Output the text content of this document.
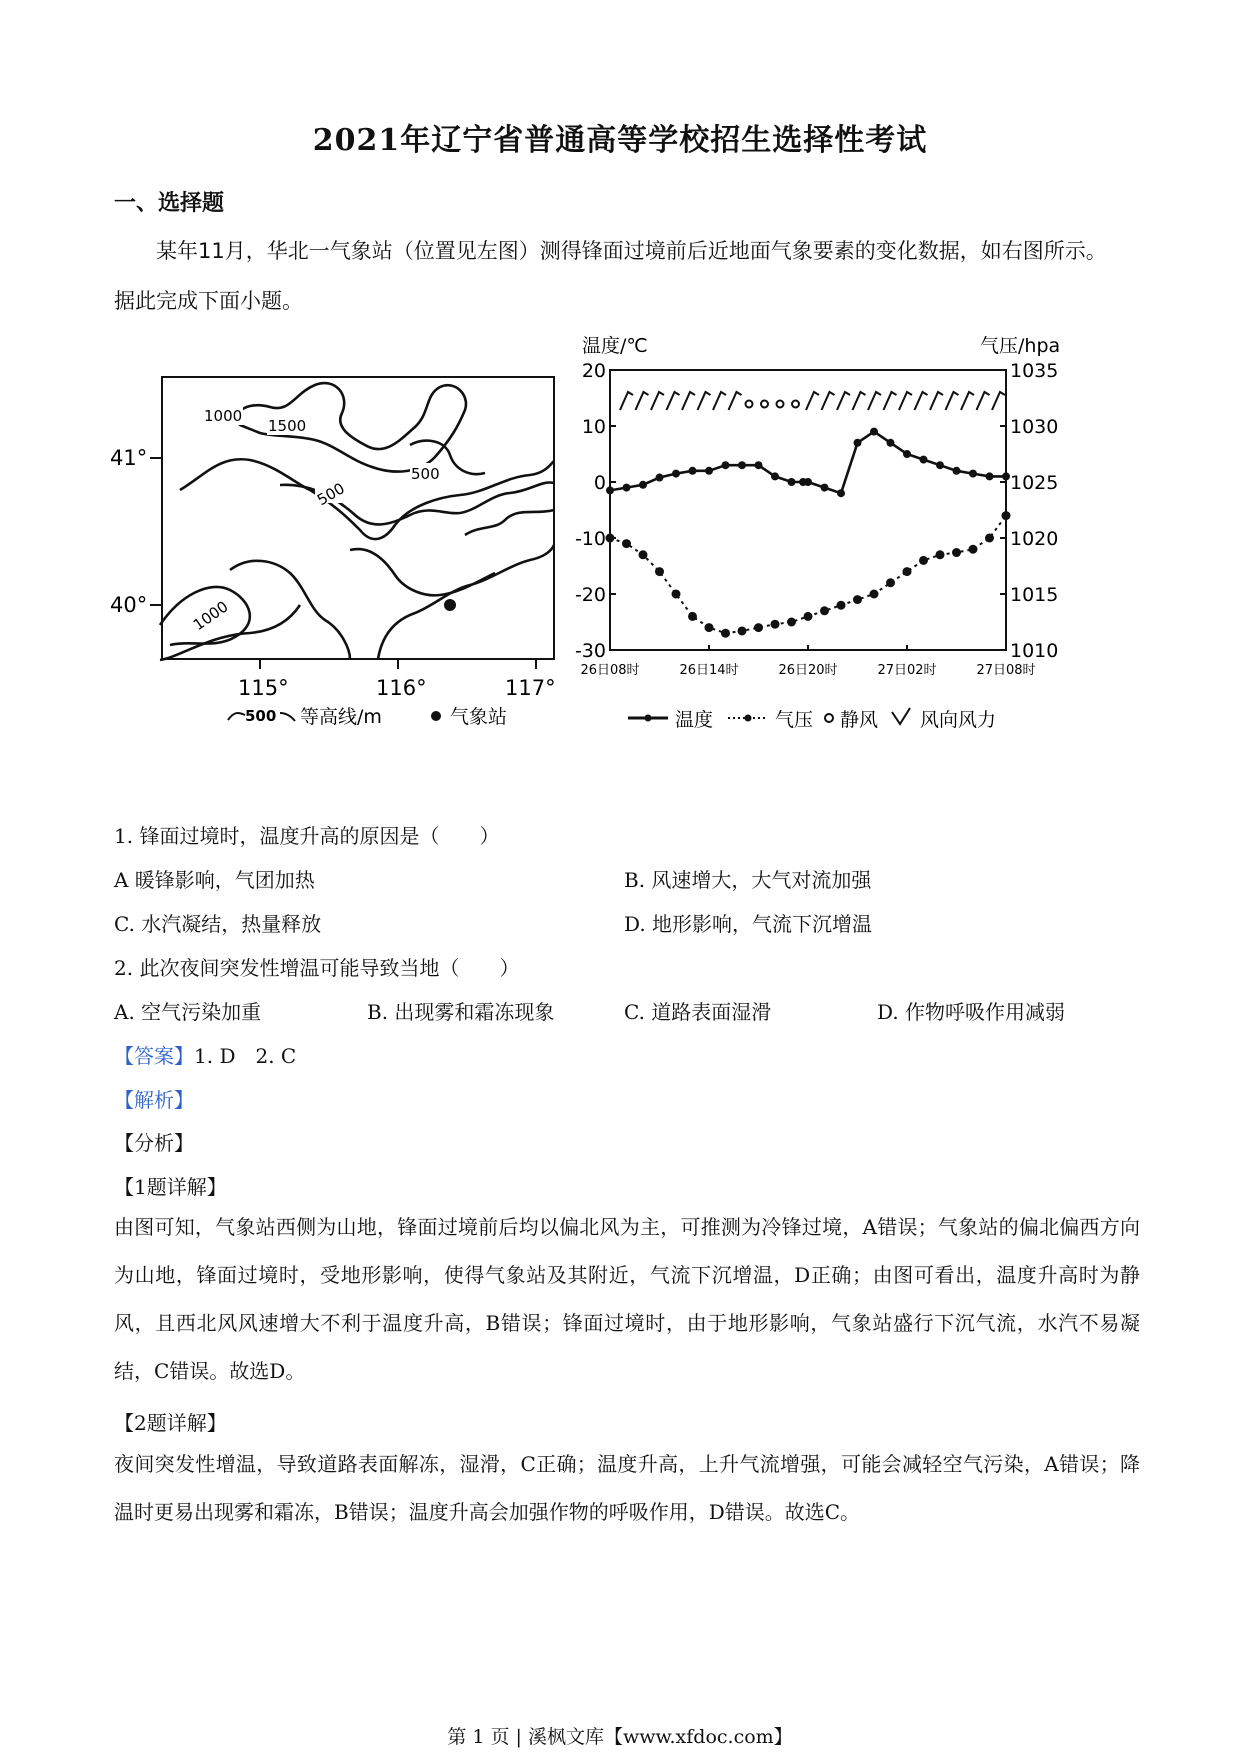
2021年辽宁省普通高等学校招生选择性考试
一、选择题
某年11月，华北一气象站（位置见左图）测得锋面过境前后近地面气象要素的变化数据，如右图所示。据此完成下面小题。
1000
1500
500
500
1000
41°
40°
115°	116°	117°
500 等高线/m	气象站
温度/℃	气压/hpa
20
10
0
-10
-20
-30
1035
1030
1025
1020
1015
1010
26日08时	26日14时	26日20时	27日02时	27日08时
温度	气压 静风 风向风力
1. 锋面过境时，温度升高的原因是（　　）
A 暖锋影响，气团加热	B. 风速增大，大气对流加强
C. 水汽凝结，热量释放	D. 地形影响，气流下沉增温
2. 此次夜间突发性增温可能导致当地（　　）
A. 空气污染加重	B. 出现雾和霜冻现象	C. 道路表面湿滑	D. 作物呼吸作用减弱
【答案】1. D　2. C
【解析】
【分析】
【1题详解】
由图可知，气象站西侧为山地，锋面过境前后均以偏北风为主，可推测为冷锋过境，A错误；气象站的偏北偏西方向为山地，锋面过境时，受地形影响，使得气象站及其附近，气流下沉增温，D正确；由图可看出，温度升高时为静风，且西北风风速增大不利于温度升高，B错误；锋面过境时，由于地形影响，气象站盛行下沉气流，水汽不易凝结，C错误。故选D。
【2题详解】
夜间突发性增温，导致道路表面解冻，湿滑，C正确；温度升高，上升气流增强，可能会减轻空气污染，A错误；降温时更易出现雾和霜冻，B错误；温度升高会加强作物的呼吸作用，D错误。故选C。
第 1 页 | 溪枫文库【www.xfdoc.com】
